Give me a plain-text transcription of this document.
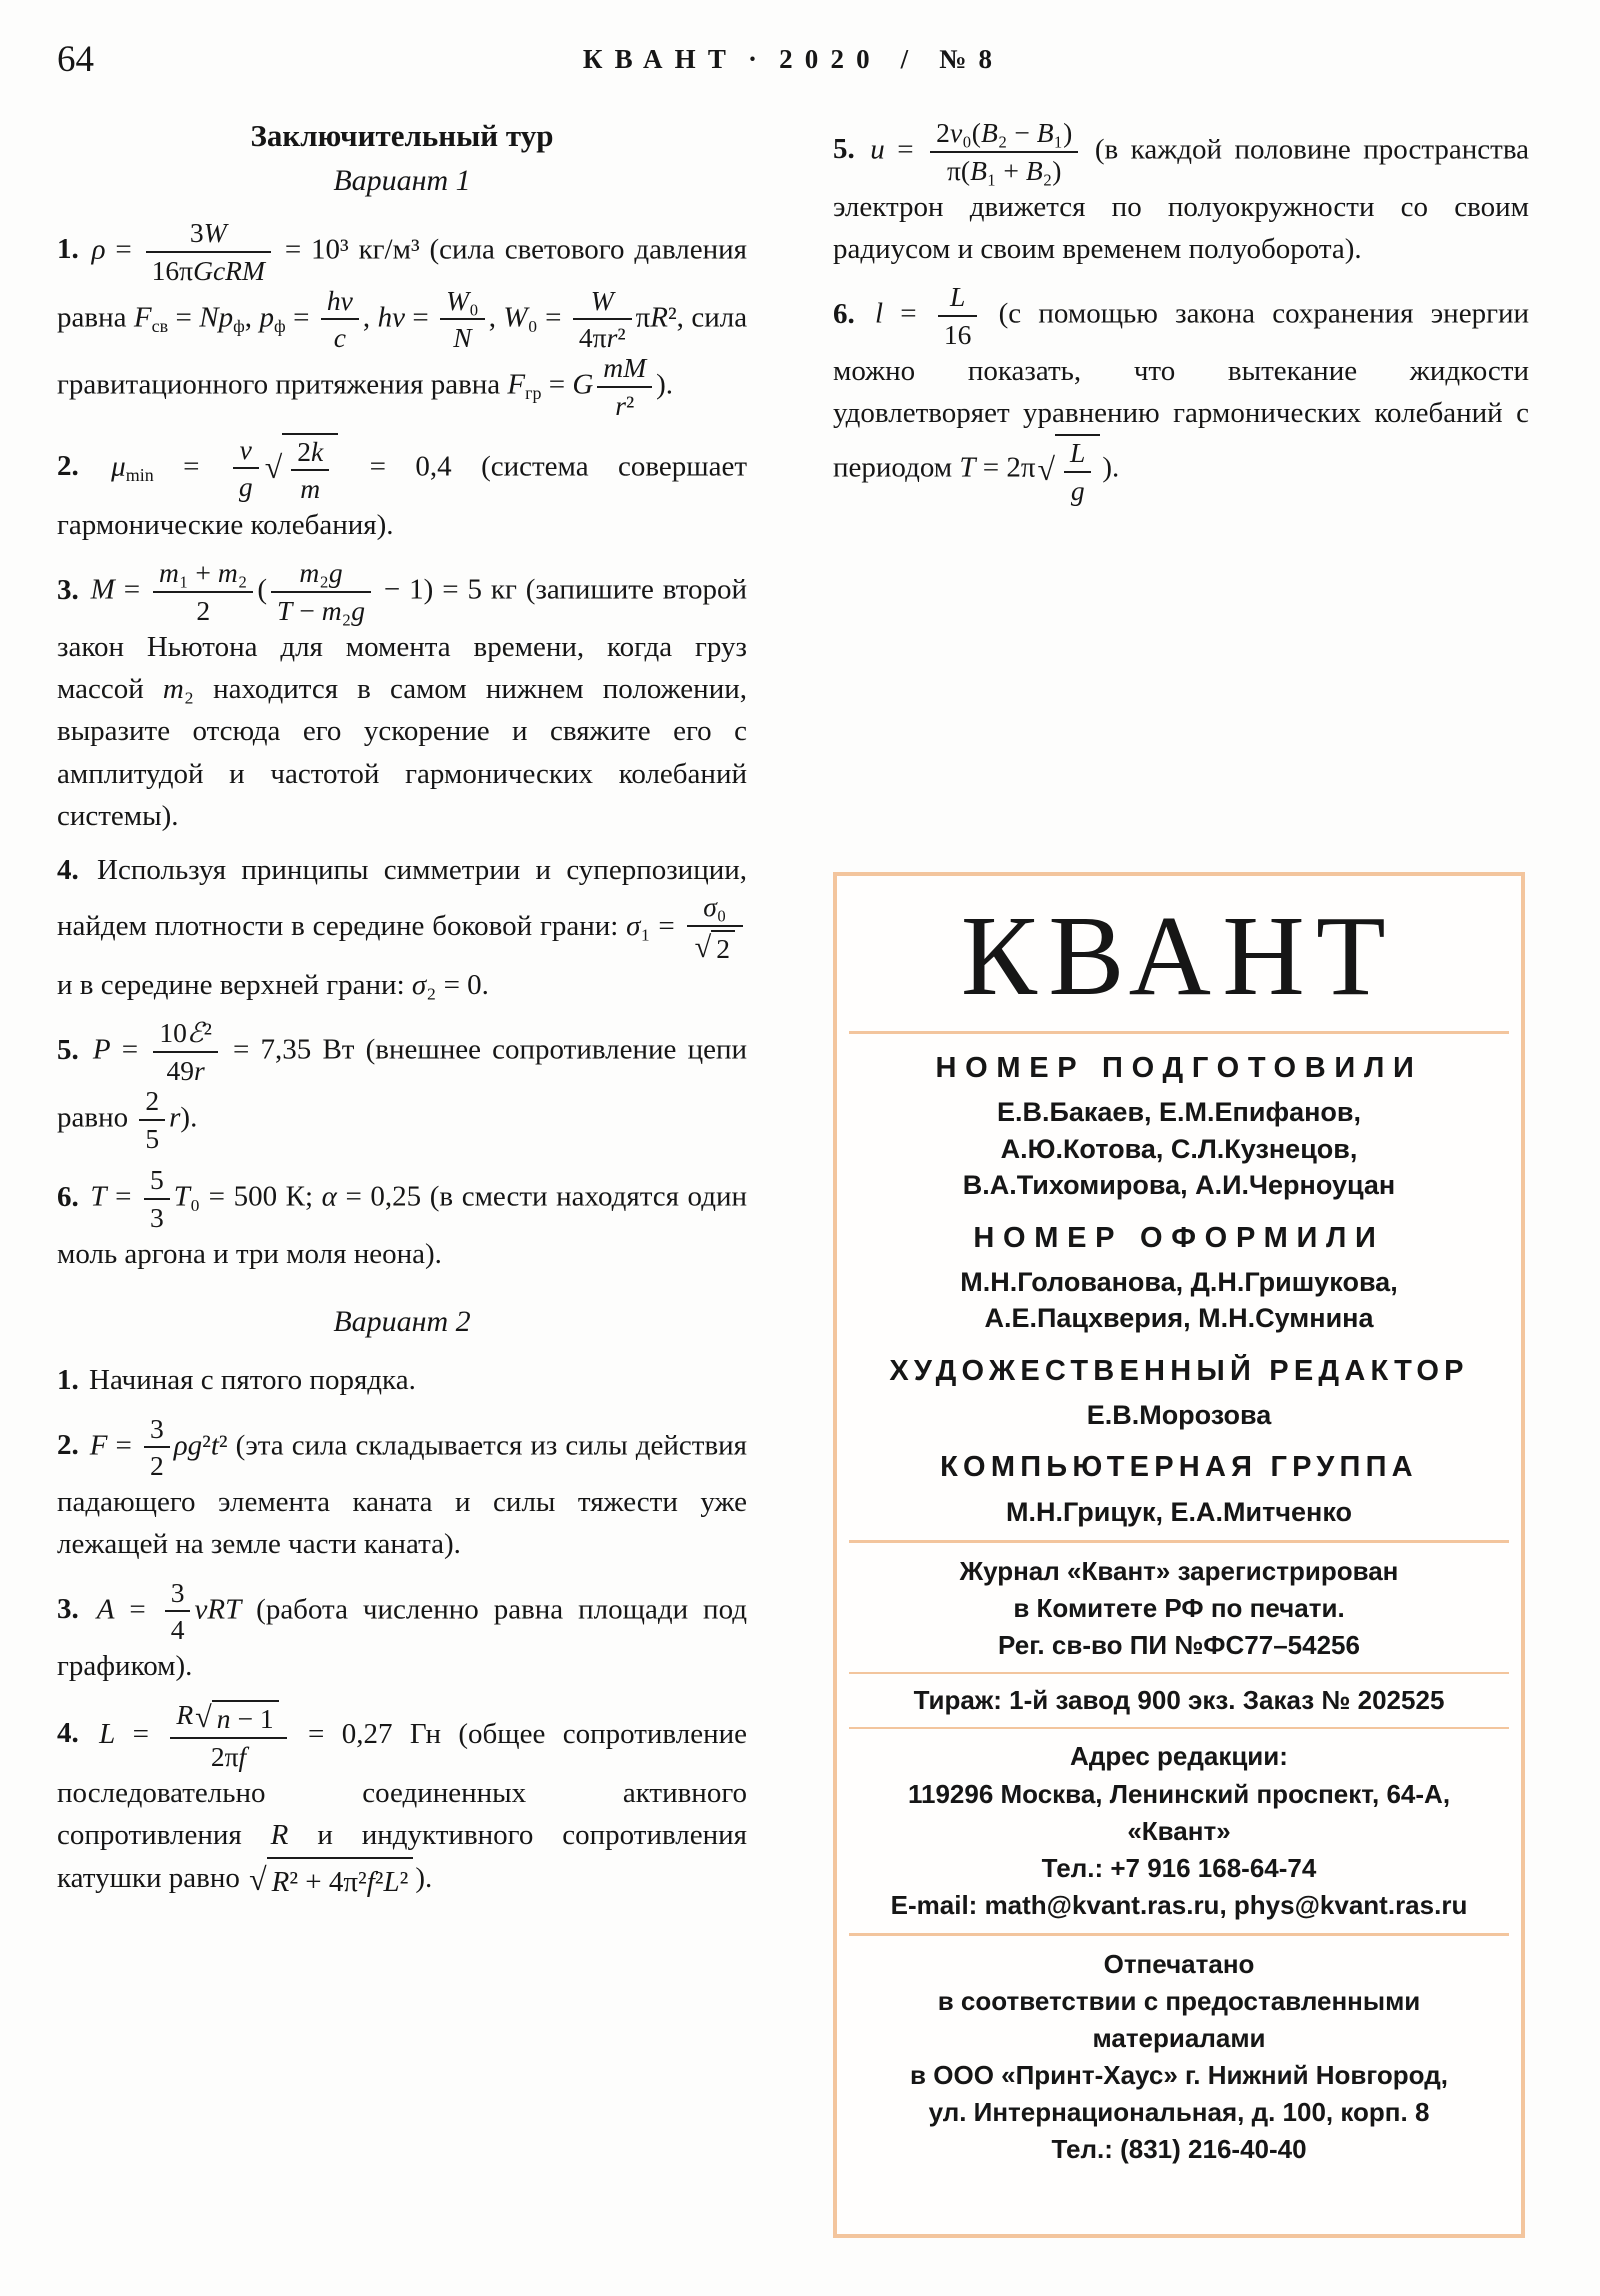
64	КВАНТ · 2020 / №8
Заключительный тур
Вариант 1

1. $\rho = \frac{3W}{\text{16πGcRM}} = 10^3$ кг/м³ (сила светового давления равна $F_{св} = Np_ф$, $p_ф = \frac{h\nu}{c}$ , $h\nu = \frac{\text{W₀}}{N}$ , $W_0 = \frac{W}{\text{4πr²}} \pi R^2$, сила гравитационного притяжения равна $F_{гр} = G \frac{mM}{\text{r²}}$ ).

2. $\mu_{min} = \frac{v}{g}$ √ $\frac{2k}{m} = 0,4$ (система совершает гармонические колебания).

3. $M = \frac{\text{m₁ + m₂}}{2}$ ( $\frac{\text{m₂g}}{\text{T − m₂g}} - 1) = 5$ кг (запишите второй закон Ньютона для момента времени, когда груз массой m₂ находится в самом нижнем положении, выразите отсюда его ускорение и свяжите его с амплитудой и частотой гармонических колебаний системы).

4. Используя принципы симметрии и суперпозиции, найдем плотности в середине боковой грани: $\sigma_1 = \frac{\text{σ₀}}{√ 2}$
и в середине верхней грани: σ₂ = 0.

5. $P = \frac{\text{10ℰ²}}{49r} = 7,35$ Вт (внешнее сопротивление цепи равно $\frac{2}{5} r$).

6. $T = \frac{5}{3} T_0 = 500$ К; α = 0,25 (в смести находятся один моль аргона и три моля неона).

Вариант 2

1. Начиная с пятого порядка.

2. $F = \frac{3}{2} \rho g^2t^2$ (эта сила складывается из силы действия падающего элемента каната и силы тяжести уже лежащей на земле части каната).

3. $A = \frac{3}{4}$ νRT (работа численно равна площади под графиком).

4. $L = \frac{R √ n - 1}{2\pi f} = 0,27$ Гн (общее сопротивление последовательно соединенных активного сопротивления R и индуктивного сопротивления катушки равно √ R² + 4π²f²L² ).

5. $u = \frac{\text{2v₀(B₂ − B₁)}}{\text{π(B₁ + B₂)}} (в$ каждой половине пространства электрон движется по полуокружности со своим радиусом и своим временем полуоборота).

6. $l = \frac{L}{16} (с$ помощью закона сохранения энергии можно показать, что вытекание жидкости удовлетворяет уравнению гармонических колебаний с периодом T = 2π √ $\frac{L}{g}$ ).

КВАНТ
НОМЕР ПОДГОТОВИЛИ
Е.В.Бакаев, Е.М.Епифанов,
А.Ю.Котова, С.Л.Кузнецов,
В.А.Тихомирова, А.И.Черноуцан
НОМЕР ОФОРМИЛИ
М.Н.Голованова, Д.Н.Гришукова,
А.Е.Пацхверия, М.Н.Сумнина
ХУДОЖЕСТВЕННЫЙ РЕДАКТОР
Е.В.Морозова
КОМПЬЮТЕРНАЯ ГРУППА
М.Н.Грицук, Е.А.Митченко
Журнал «Квант» зарегистрирован
в Комитете РФ по печати.
Рег. св-во ПИ №ФС77–54256
Тираж: 1-й завод 900 экз. Заказ № 202525
Адрес редакции:
119296 Москва, Ленинский проспект, 64-А,
«Квант»
Тел.: +7 916 168-64-74
E-mail: math@kvant.ras.ru, phys@kvant.ras.ru
Отпечатано
в соответствии с предоставленными
материалами
в ООО «Принт-Хаус» г. Нижний Новгород,
ул. Интернациональная, д. 100, корп. 8
Тел.: (831) 216-40-40
